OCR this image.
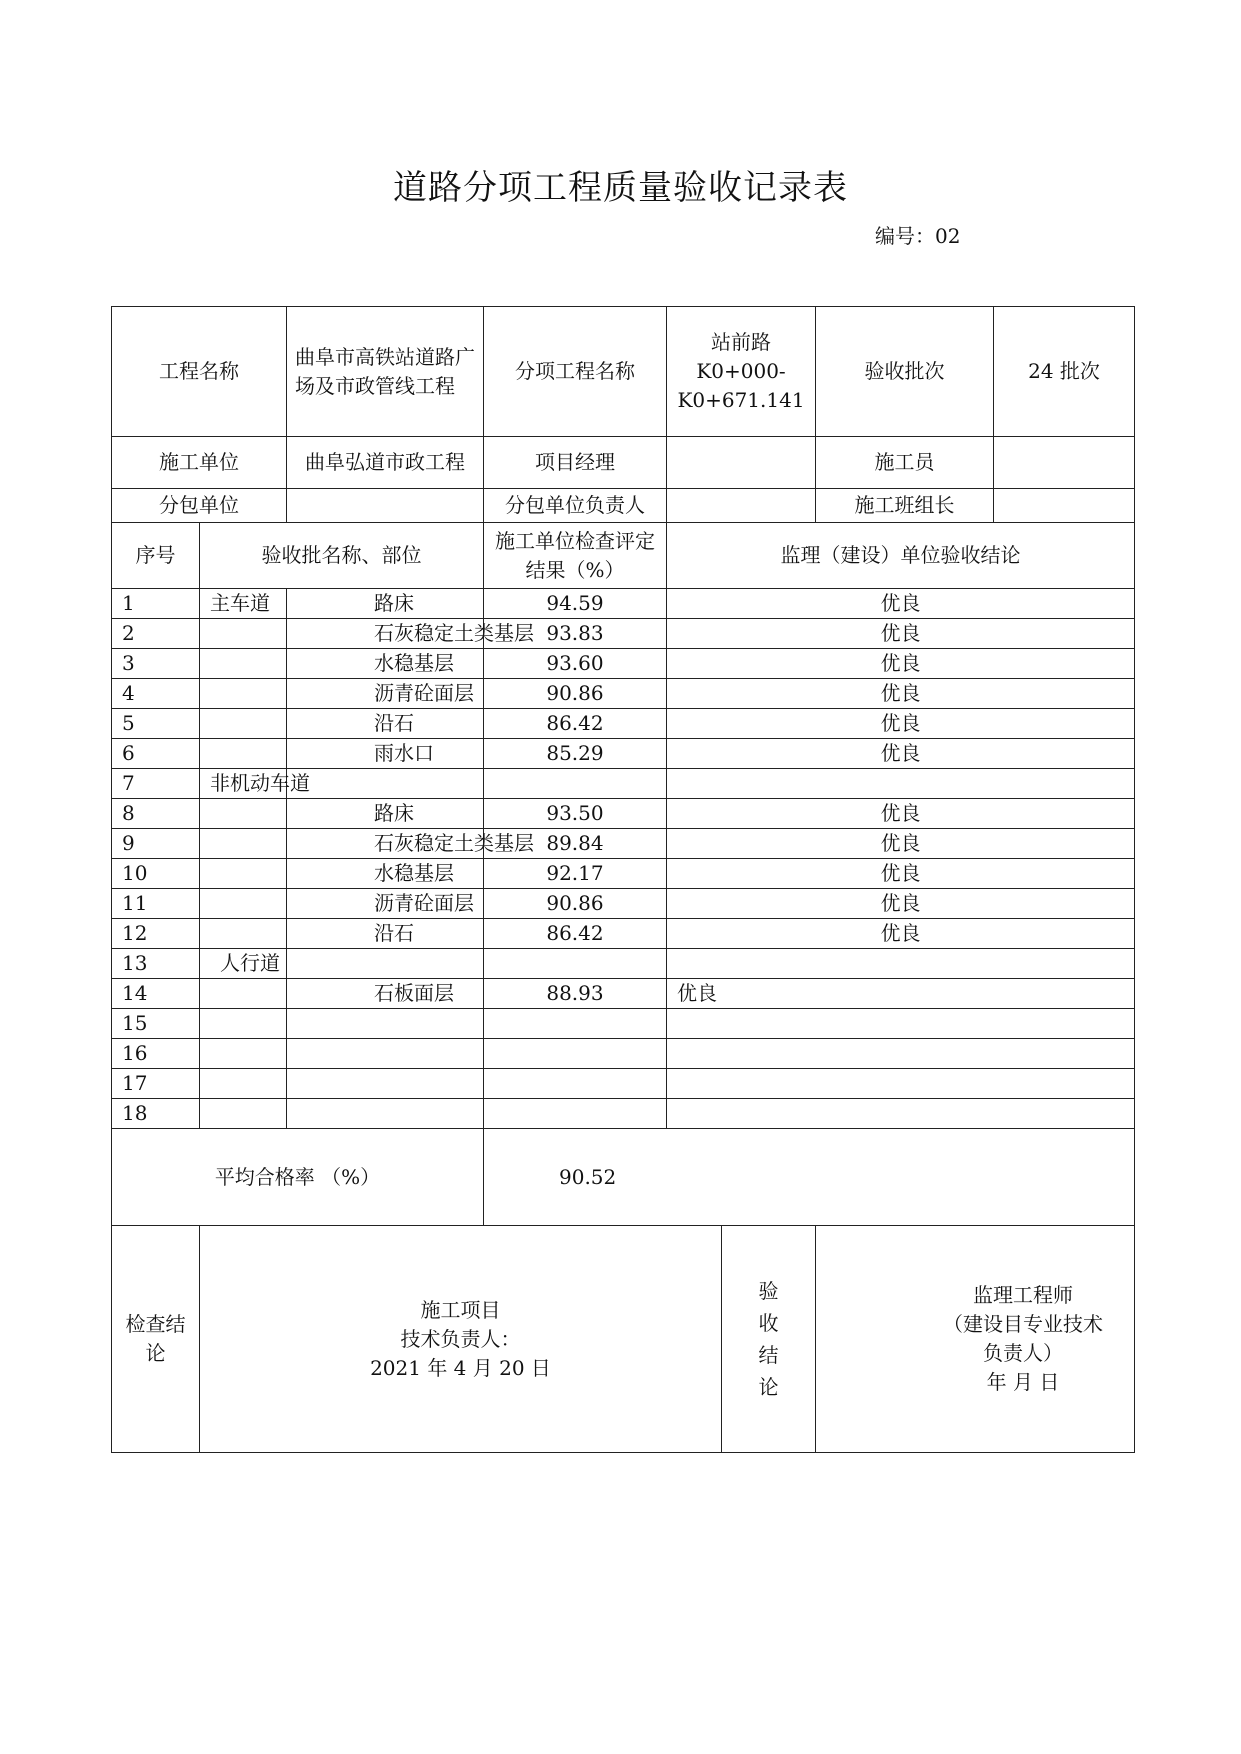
道路分项工程质量验收记录表
编号：02
工程名称		曲阜市高铁站道路广场及市政管线工程	分项工程名称	站前路K0+000-K0+671.141		验收批次	24 批次
施工单位		曲阜弘道市政工程	项目经理			施工员	
分包单位			分包单位负责人			施工班组长	
序号	验收批名称、部位		施工单位检查评定结果（%）	监理（建设）单位验收结论			
1	主车道	路床	94.59	优良			
2		石灰稳定土类基层	93.83	优良			
3		水稳基层	93.60	优良			
4		沥青砼面层	90.86	优良			
5		沿石	86.42	优良			
6		雨水口	85.29	优良			
7	非机动车道						
8		路床	93.50	优良			
9		石灰稳定土类基层	89.84	优良			
10		水稳基层	92.17	优良			
11		沥青砼面层	90.86	优良			
12		沿石	86.42	优良			
13	人行道						
14		石板面层	88.93	优良			
15							
16							
17							
18							
平均合格率 （%）			90.52				
检查结论	施工项目
技术负责人：
2021 年 4 月 20 日				验收结论	监理工程师
（建设目专业技术负责人）
年 月 日	
